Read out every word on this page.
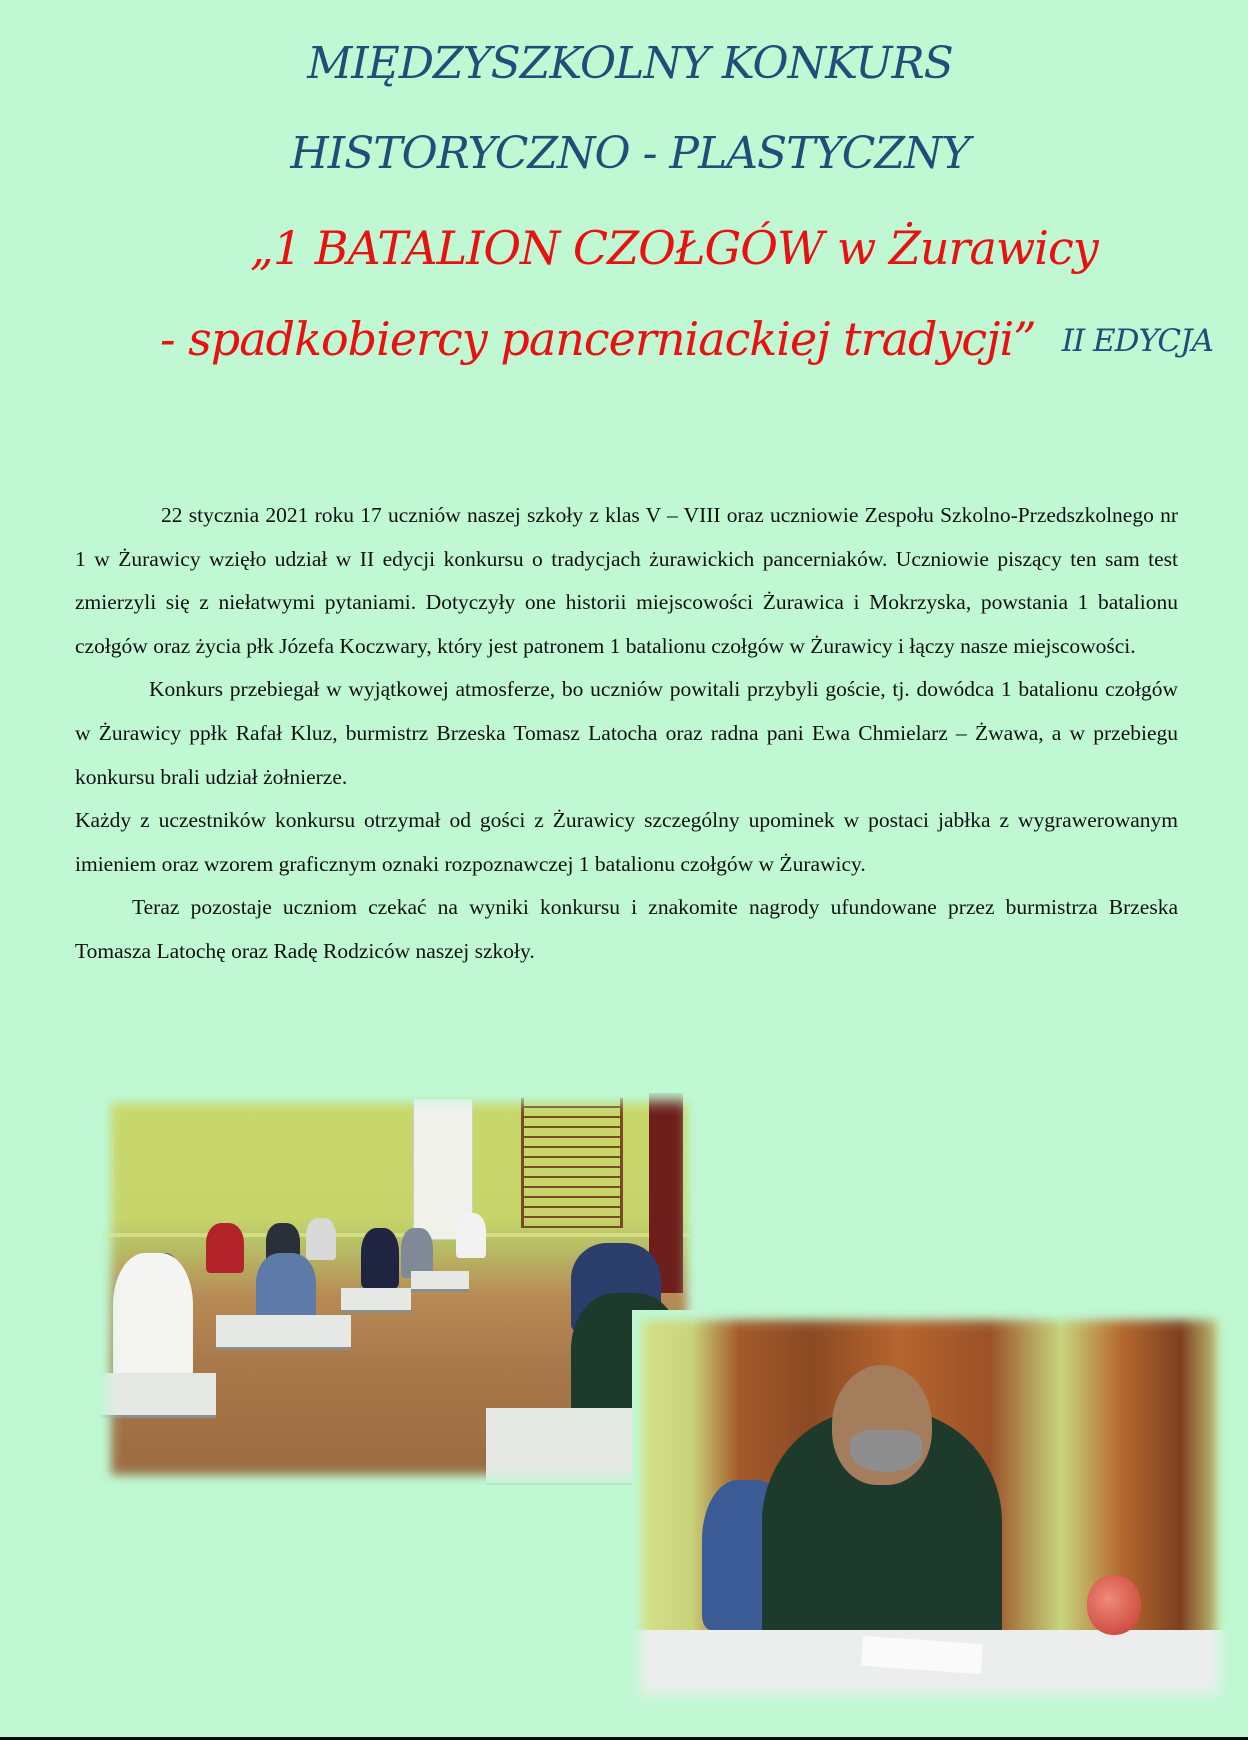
MIĘDZYSZKOLNY KONKURS
HISTORYCZNO - PLASTYCZNY
„1 BATALION CZOŁGÓW w Żurawicy
- spadkobiercy pancerniackiej tradycji” II EDYCJA

22 stycznia 2021 roku 17 uczniów naszej szkoły z klas V – VIII oraz uczniowie Zespołu Szkolno-Przedszkolnego nr 1 w Żurawicy wzięło udział w II edycji konkursu o tradycjach żurawickich pancerniaków. Uczniowie piszący ten sam test zmierzyli się z niełatwymi pytaniami. Dotyczyły one historii miejscowości Żurawica i Mokrzyska, powstania 1 batalionu czołgów oraz życia płk Józefa Koczwary, który jest patronem 1 batalionu czołgów w Żurawicy i łączy nasze miejscowości.

Konkurs przebiegał w wyjątkowej atmosferze, bo uczniów powitali przybyli goście, tj. dowódca 1 batalionu czołgów w Żurawicy ppłk Rafał Kluz, burmistrz Brzeska Tomasz Latocha oraz radna pani Ewa Chmielarz – Żwawa, a w przebiegu konkursu brali udział żołnierze.

Każdy z uczestników konkursu otrzymał od gości z Żurawicy szczególny upominek w postaci jabłka z wygrawerowanym imieniem oraz wzorem graficznym oznaki rozpoznawczej 1 batalionu czołgów w Żurawicy.

Teraz pozostaje uczniom czekać na wyniki konkursu i znakomite nagrody ufundowane przez burmistrza Brzeska Tomasza Latochę oraz Radę Rodziców naszej szkoły.
